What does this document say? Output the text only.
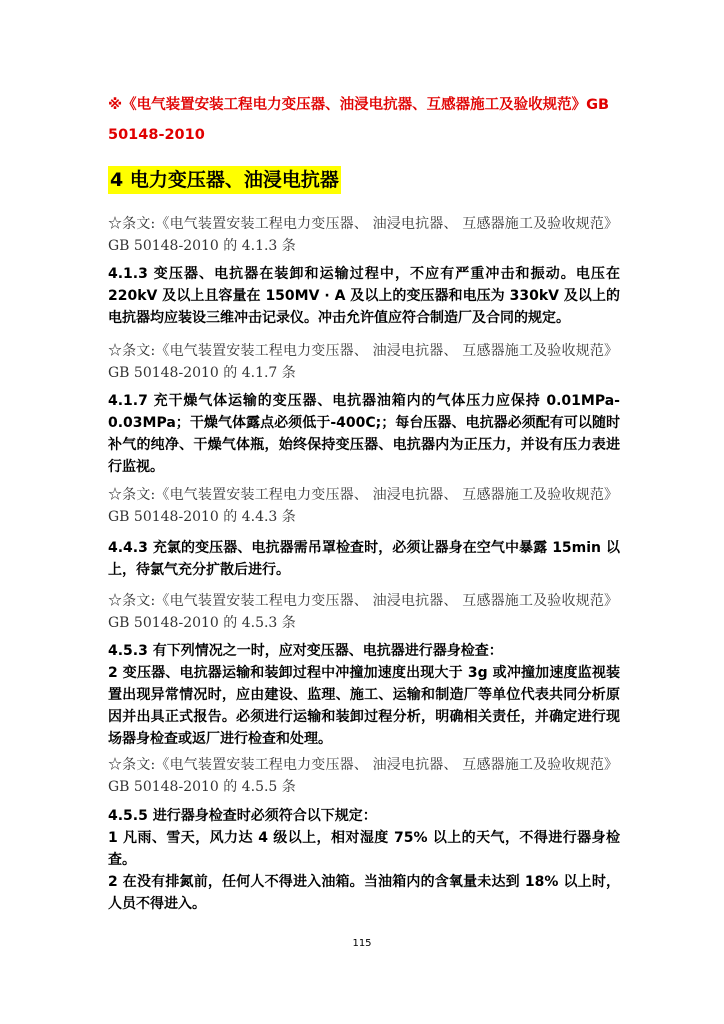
※《电气装置安装工程电力变压器、油浸电抗器、互感器施工及验收规范》GB 50148-2010
4 电力变压器、油浸电抗器
☆条文:《电气装置安装工程电力变压器、 油浸电抗器、 互感器施工及验收规范》GB 50148-2010 的 4.1.3 条

4.1.3 变压器、电抗器在装卸和运输过程中，不应有严重冲击和振动。电压在 220kV 及以上且容量在 150MV · A 及以上的变压器和电压为 330kV 及以上的电抗器均应装设三维冲击记录仪。冲击允许值应符合制造厂及合同的规定。

☆条文:《电气装置安装工程电力变压器、 油浸电抗器、 互感器施工及验收规范》GB 50148-2010 的 4.1.7 条

4.1.7 充干燥气体运输的变压器、电抗器油箱内的气体压力应保持 0.01MPa-0.03MPa；干燥气体露点必须低于-400C;；每台压器、电抗器必须配有可以随时补气的纯净、干燥气体瓶，始终保持变压器、电抗器内为正压力，并设有压力表进行监视。

☆条文:《电气装置安装工程电力变压器、 油浸电抗器、 互感器施工及验收规范》GB 50148-2010 的 4.4.3 条

4.4.3 充氯的变压器、电抗器需吊罩检查时，必须让器身在空气中暴露 15min 以上，待氯气充分扩散后进行。

☆条文:《电气装置安装工程电力变压器、 油浸电抗器、 互感器施工及验收规范》GB 50148-2010 的 4.5.3 条

4.5.3 有下列情况之一时，应对变压器、电抗器进行器身检查：

2 变压器、电抗器运输和装卸过程中冲撞加速度出现大于 3g 或冲撞加速度监视装置出现异常情况时，应由建设、监理、施工、运输和制造厂等单位代表共同分析原因并出具正式报告。必须进行运输和装卸过程分析，明确相关责任，并确定进行现场器身检查或返厂进行检查和处理。

☆条文:《电气装置安装工程电力变压器、 油浸电抗器、 互感器施工及验收规范》GB 50148-2010 的 4.5.5 条

4.5.5 进行器身检查时必须符合以下规定：

1 凡雨、雪天，风力达 4 级以上，相对湿度 75% 以上的天气，不得进行器身检查。

2 在没有排氮前，任何人不得进入油箱。当油箱内的含氧量未达到 18% 以上时，人员不得进入。

115
